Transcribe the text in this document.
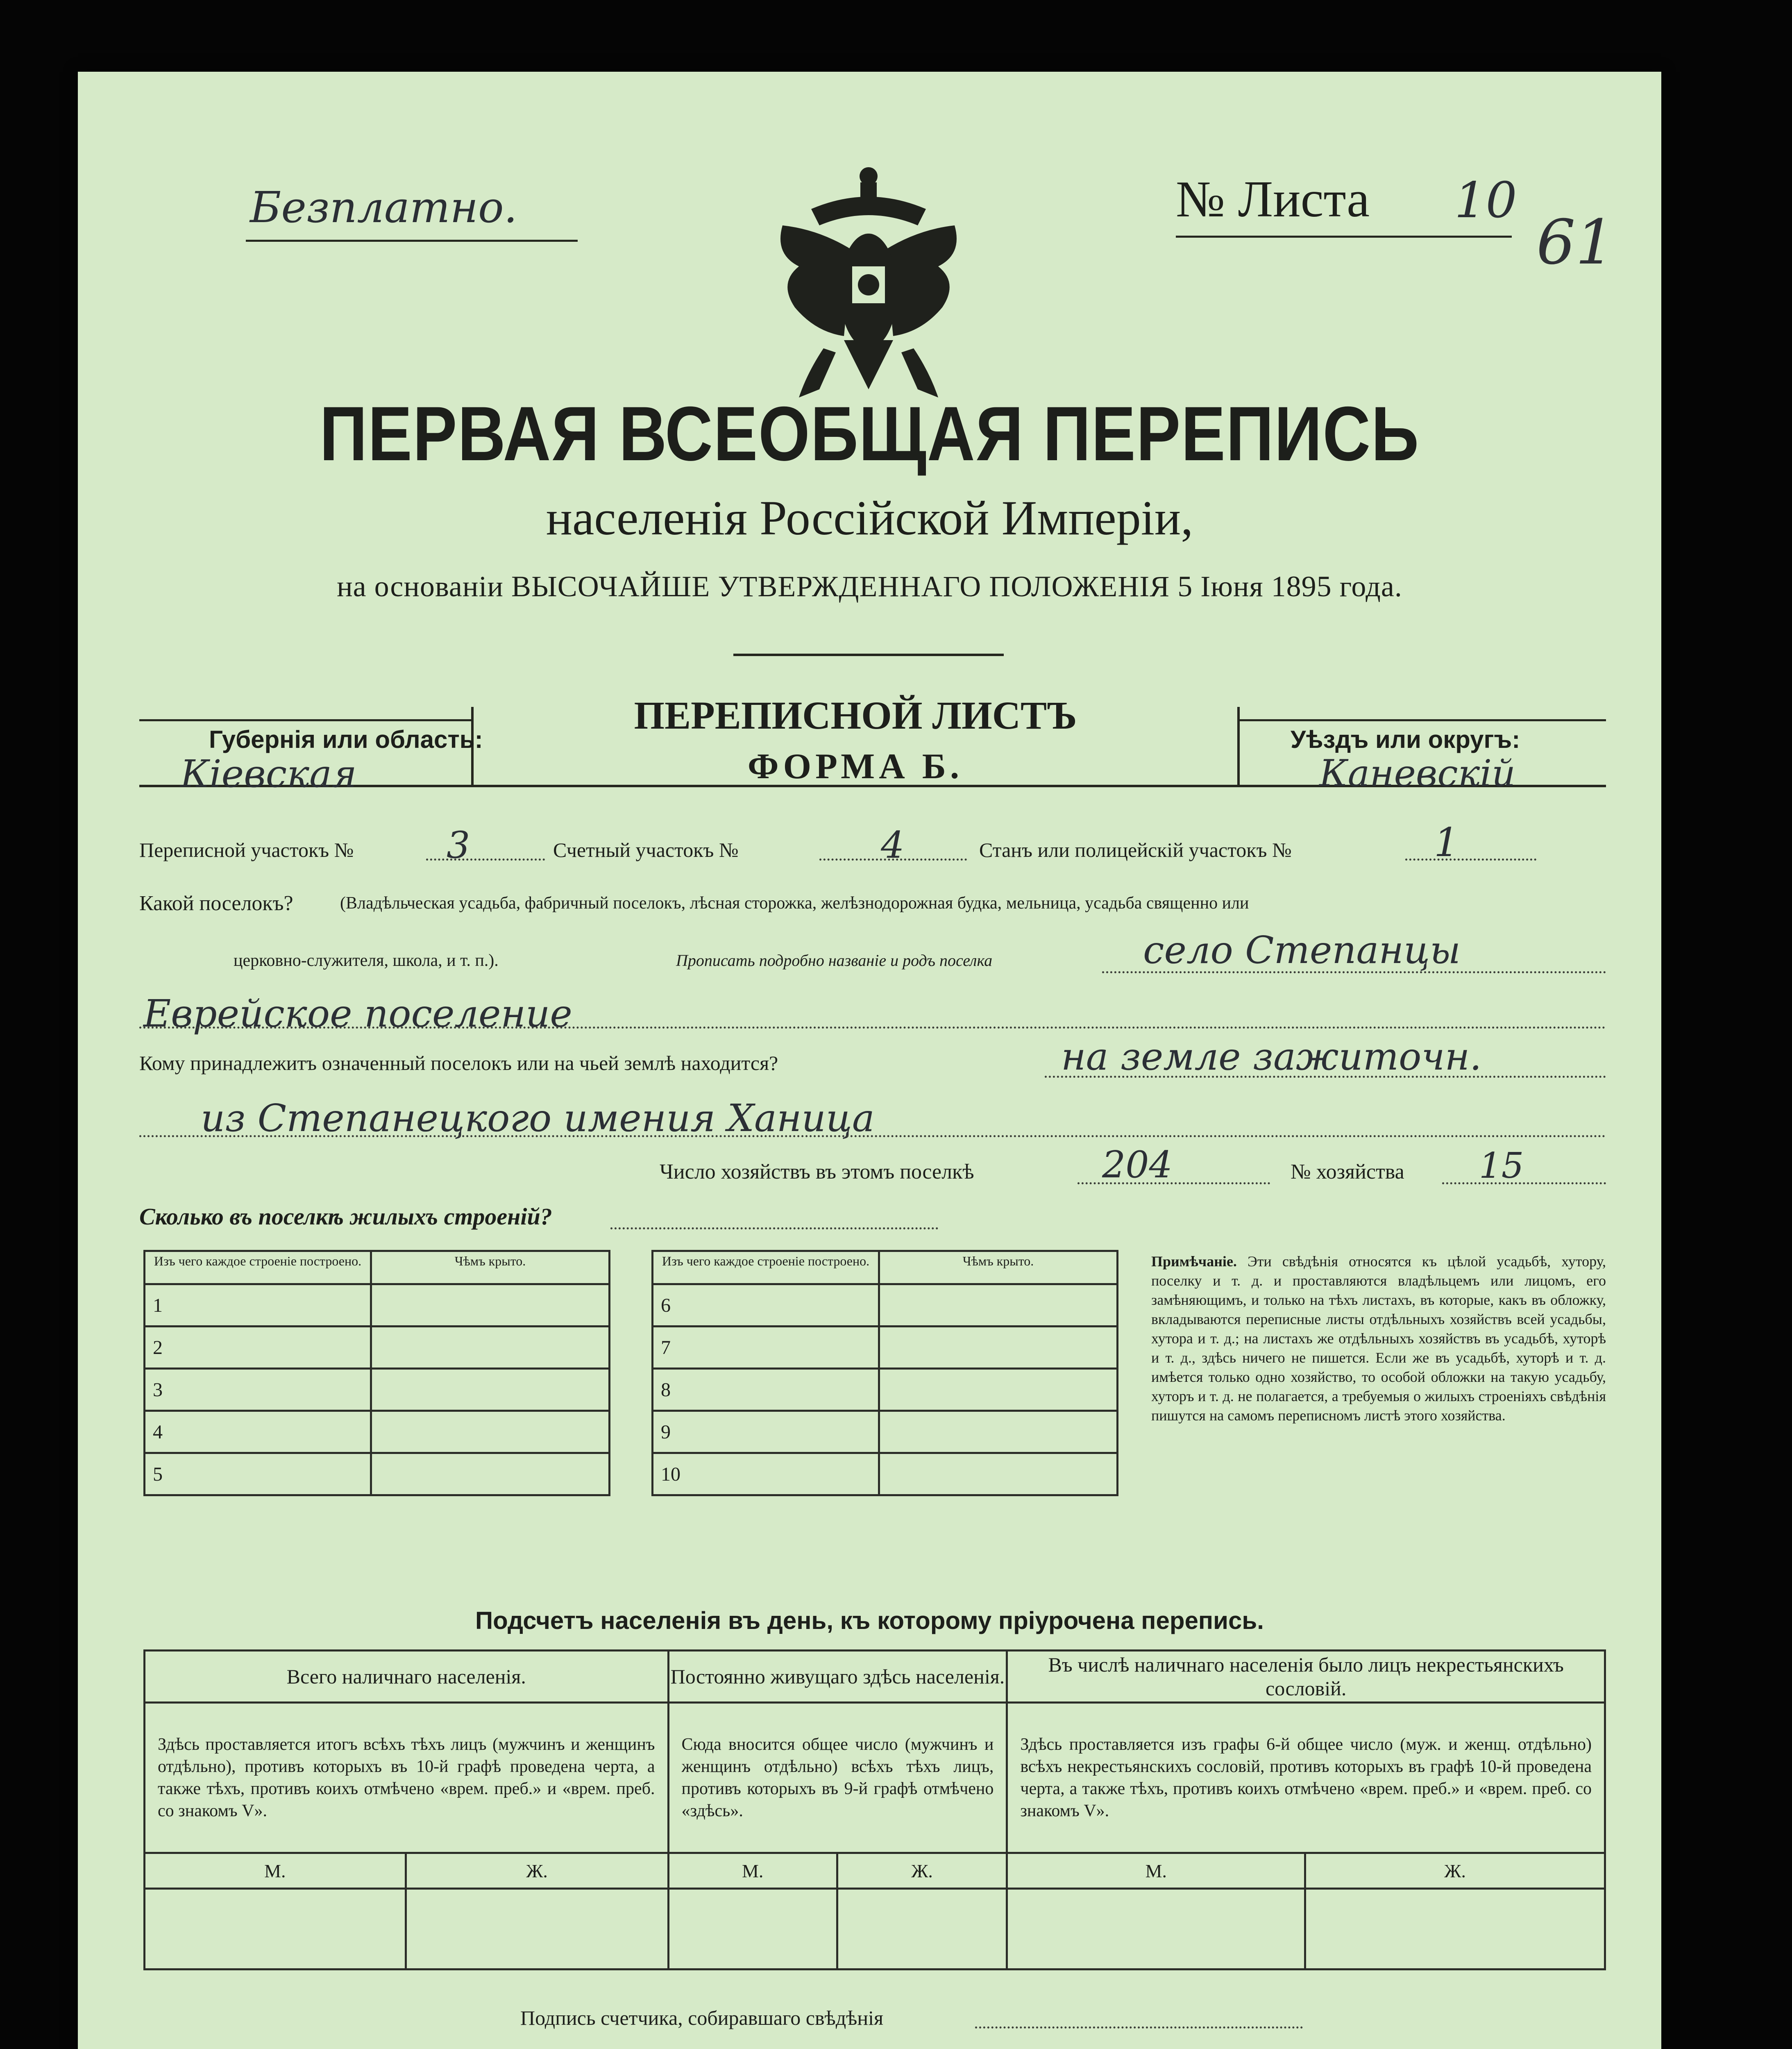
Безплатно.	№ Листа 10
61
ПЕРВАЯ ВСЕОБЩАЯ ПЕРЕПИСЬ
населенія Россійской Имперіи,
на основаніи ВЫСОЧАЙШЕ УТВЕРЖДЕННАГО ПОЛОЖЕНІЯ 5 Іюня 1895 года.
Губернія или область:
Кіевская
ПЕРЕПИСНОЙ ЛИСТЪ
ФОРМА Б.
Уѣздъ или округъ:
Каневскій
Переписной участокъ №	3	Счетный участокъ №	4	Станъ или полицейскій участокъ №	1
Какой поселокъ?	(Владѣльческая усадьба, фабричный поселокъ, лѣсная сторожка, желѣзнодорожная будка, мельница, усадьба священно или
церковно-служителя, школа, и т. п.).	Прописать подробно названіе и родъ поселка	село Степанцы
Еврейское поселение
Кому принадлежитъ означенный поселокъ или на чьей землѣ находится?	на земле зажиточн.
из Степанецкого имения Ханица
Число хозяйствъ въ этомъ поселкѣ	204	№ хозяйства 15
Сколько въ поселкѣ жилыхъ строеній?
Изъ чего каждое строеніе построено.	Чѣмъ крыто.
1	
2	
3	
4	
5	
Изъ чего каждое строеніе построено.	Чѣмъ крыто.
6	
7	
8	
9	
10	
Примѣчаніе. Эти свѣдѣнія относятся къ цѣлой усадьбѣ, хутору, поселку и т. д. и проставляются владѣльцемъ или лицомъ, его замѣняющимъ, и только на тѣхъ листахъ, въ которые, какъ въ обложку, вкладываются переписные листы отдѣльныхъ хозяйствъ всей усадьбы, хутора и т. д.; на листахъ же отдѣльныхъ хозяйствъ въ усадьбѣ, хуторѣ и т. д., здѣсь ничего не пишется. Если же въ усадьбѣ, хуторѣ и т. д. имѣется только одно хозяйство, то особой обложки на такую усадьбу, хуторъ и т. д. не полагается, а требуемыя о жилыхъ строеніяхъ свѣдѣнія пишутся на самомъ переписномъ листѣ этого хозяйства.
Подсчетъ населенія въ день, къ которому пріурочена перепись.
Всего наличнаго населенія.		Постоянно живущаго здѣсь населенія.		Въ числѣ наличнаго населенія было лицъ некрестьянскихъ сословій.	
Здѣсь проставляется итогъ всѣхъ тѣхъ лицъ (мужчинъ и женщинъ отдѣльно), противъ которыхъ въ 10-й графѣ проведена черта, а также тѣхъ, противъ коихъ отмѣчено «врем. преб.» и «врем. преб. со знакомъ V».		Сюда вносится общее число (мужчинъ и женщинъ отдѣльно) всѣхъ тѣхъ лицъ, противъ которыхъ въ 9-й графѣ отмѣчено «здѣсь».		Здѣсь проставляется изъ графы 6-й общее число (муж. и женщ. отдѣльно) всѣхъ некрестьянскихъ сословій, противъ которыхъ въ графѣ 10-й проведена черта, а также тѣхъ, противъ коихъ отмѣчено «врем. преб.» и «врем. преб. со знакомъ V».	
М.	Ж.	М.	Ж.	М.	Ж.

Подпись счетчика, собиравшаго свѣдѣнія
